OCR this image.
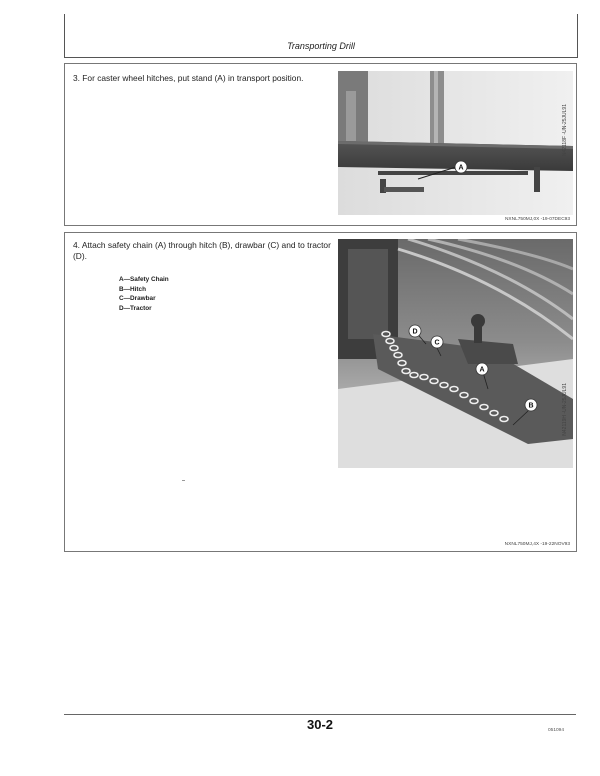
Transporting Drill
3. For caster wheel hitches, put stand (A) in transport position.
A
N42118F -UN-25JUL91
NXNL750MJ,0X -19-07DEC93
4. Attach safety chain (A) through hitch (B), drawbar (C) and to tractor (D).
A—Safety Chain
B—Hitch
C—Drawbar
D—Tractor
A
B
C
D
N42119H -UN-25JUL91
NXNL750MJ,4X -19-22NOV93
30-2	051094
